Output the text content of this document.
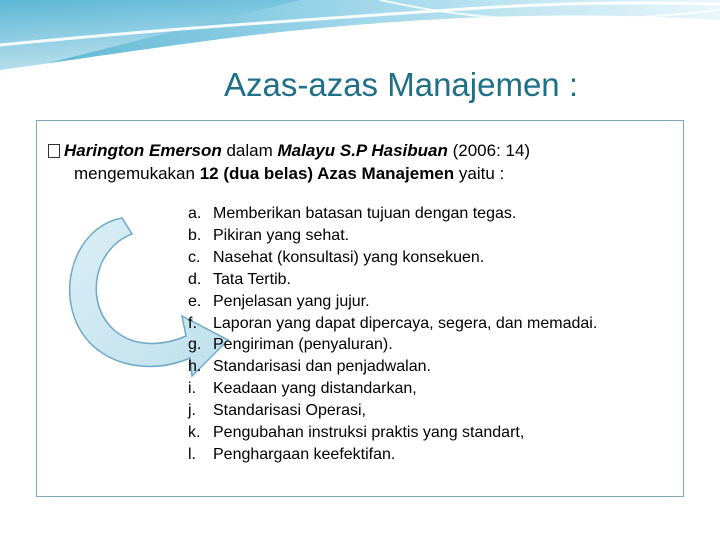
Azas-azas Manajemen :
Harington Emerson dalam Malayu S.P Hasibuan (2006: 14)
mengemukakan 12 (dua belas) Azas Manajemen yaitu :
a. Memberikan batasan tujuan dengan tegas.
b. Pikiran yang sehat.
c. Nasehat (konsultasi) yang konsekuen.
d. Tata Tertib.
e. Penjelasan yang jujur.
f.	Laporan yang dapat dipercaya, segera, dan memadai.
g. Pengiriman (penyaluran).
h. Standarisasi dan penjadwalan.
i.	Keadaan yang distandarkan,
j.	Standarisasi Operasi,
k. Pengubahan instruksi praktis yang standart,
l.	Penghargaan keefektifan.
